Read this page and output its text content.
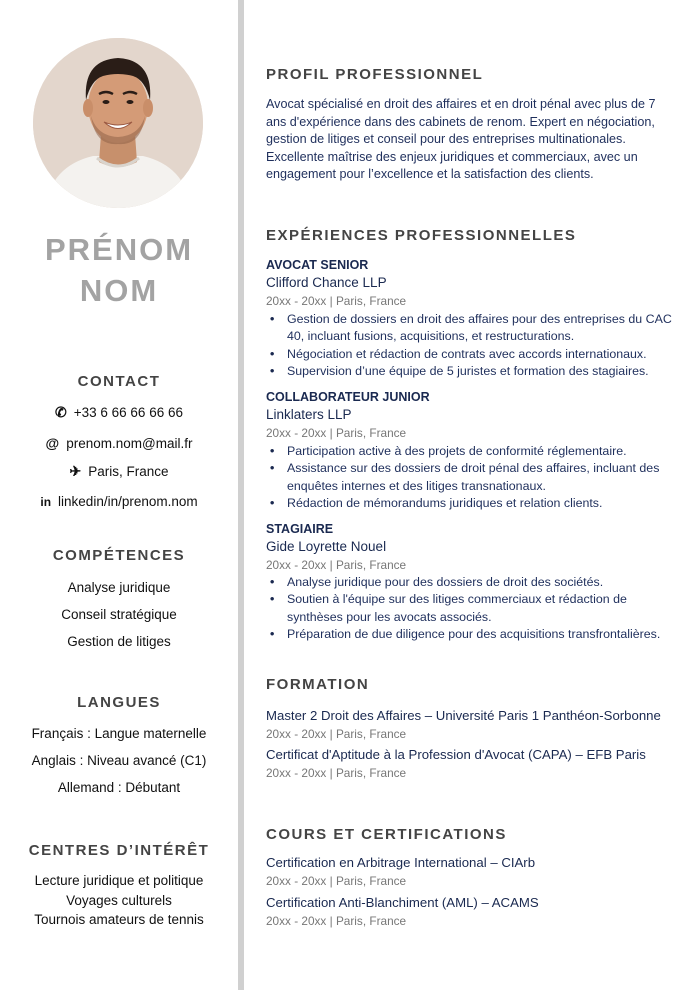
PRÉNOM
NOM
CONTACT
✆ +33 6 66 66 66 66
@ prenom.nom@mail.fr
✈ Paris, France
in linkedin/in/prenom.nom
COMPÉTENCES
Analyse juridique
Conseil stratégique
Gestion de litiges
LANGUES
Français : Langue maternelle
Anglais : Niveau avancé (C1)
Allemand : Débutant
CENTRES D’INTÉRÊT
Lecture juridique et politique
Voyages culturels
Tournois amateurs de tennis
PROFIL PROFESSIONNEL
Avocat spécialisé en droit des affaires et en droit pénal avec plus de 7 ans d'expérience dans des cabinets de renom. Expert en négociation, gestion de litiges et conseil pour des entreprises multinationales. Excellente maîtrise des enjeux juridiques et commerciaux, avec un engagement pour l’excellence et la satisfaction des clients.
EXPÉRIENCES PROFESSIONNELLES
AVOCAT SENIOR
Clifford Chance LLP
20xx - 20xx | Paris, France
• Gestion de dossiers en droit des affaires pour des entreprises du CAC 40, incluant fusions, acquisitions, et restructurations.
• Négociation et rédaction de contrats avec accords internationaux.
• Supervision d’une équipe de 5 juristes et formation des stagiaires.
COLLABORATEUR JUNIOR
Linklaters LLP
20xx - 20xx | Paris, France
• Participation active à des projets de conformité réglementaire.
• Assistance sur des dossiers de droit pénal des affaires, incluant des enquêtes internes et des litiges transnationaux.
• Rédaction de mémorandums juridiques et relation clients.
STAGIAIRE
Gide Loyrette Nouel
20xx - 20xx | Paris, France
• Analyse juridique pour des dossiers de droit des sociétés.
• Soutien à l'équipe sur des litiges commerciaux et rédaction de synthèses pour les avocats associés.
• Préparation de due diligence pour des acquisitions transfrontalières.
FORMATION
Master 2 Droit des Affaires – Université Paris 1 Panthéon-Sorbonne
20xx - 20xx | Paris, France
Certificat d'Aptitude à la Profession d'Avocat (CAPA) – EFB Paris
20xx - 20xx | Paris, France
COURS ET CERTIFICATIONS
Certification en Arbitrage International – CIArb
20xx - 20xx | Paris, France
Certification Anti-Blanchiment (AML) – ACAMS
20xx - 20xx | Paris, France
